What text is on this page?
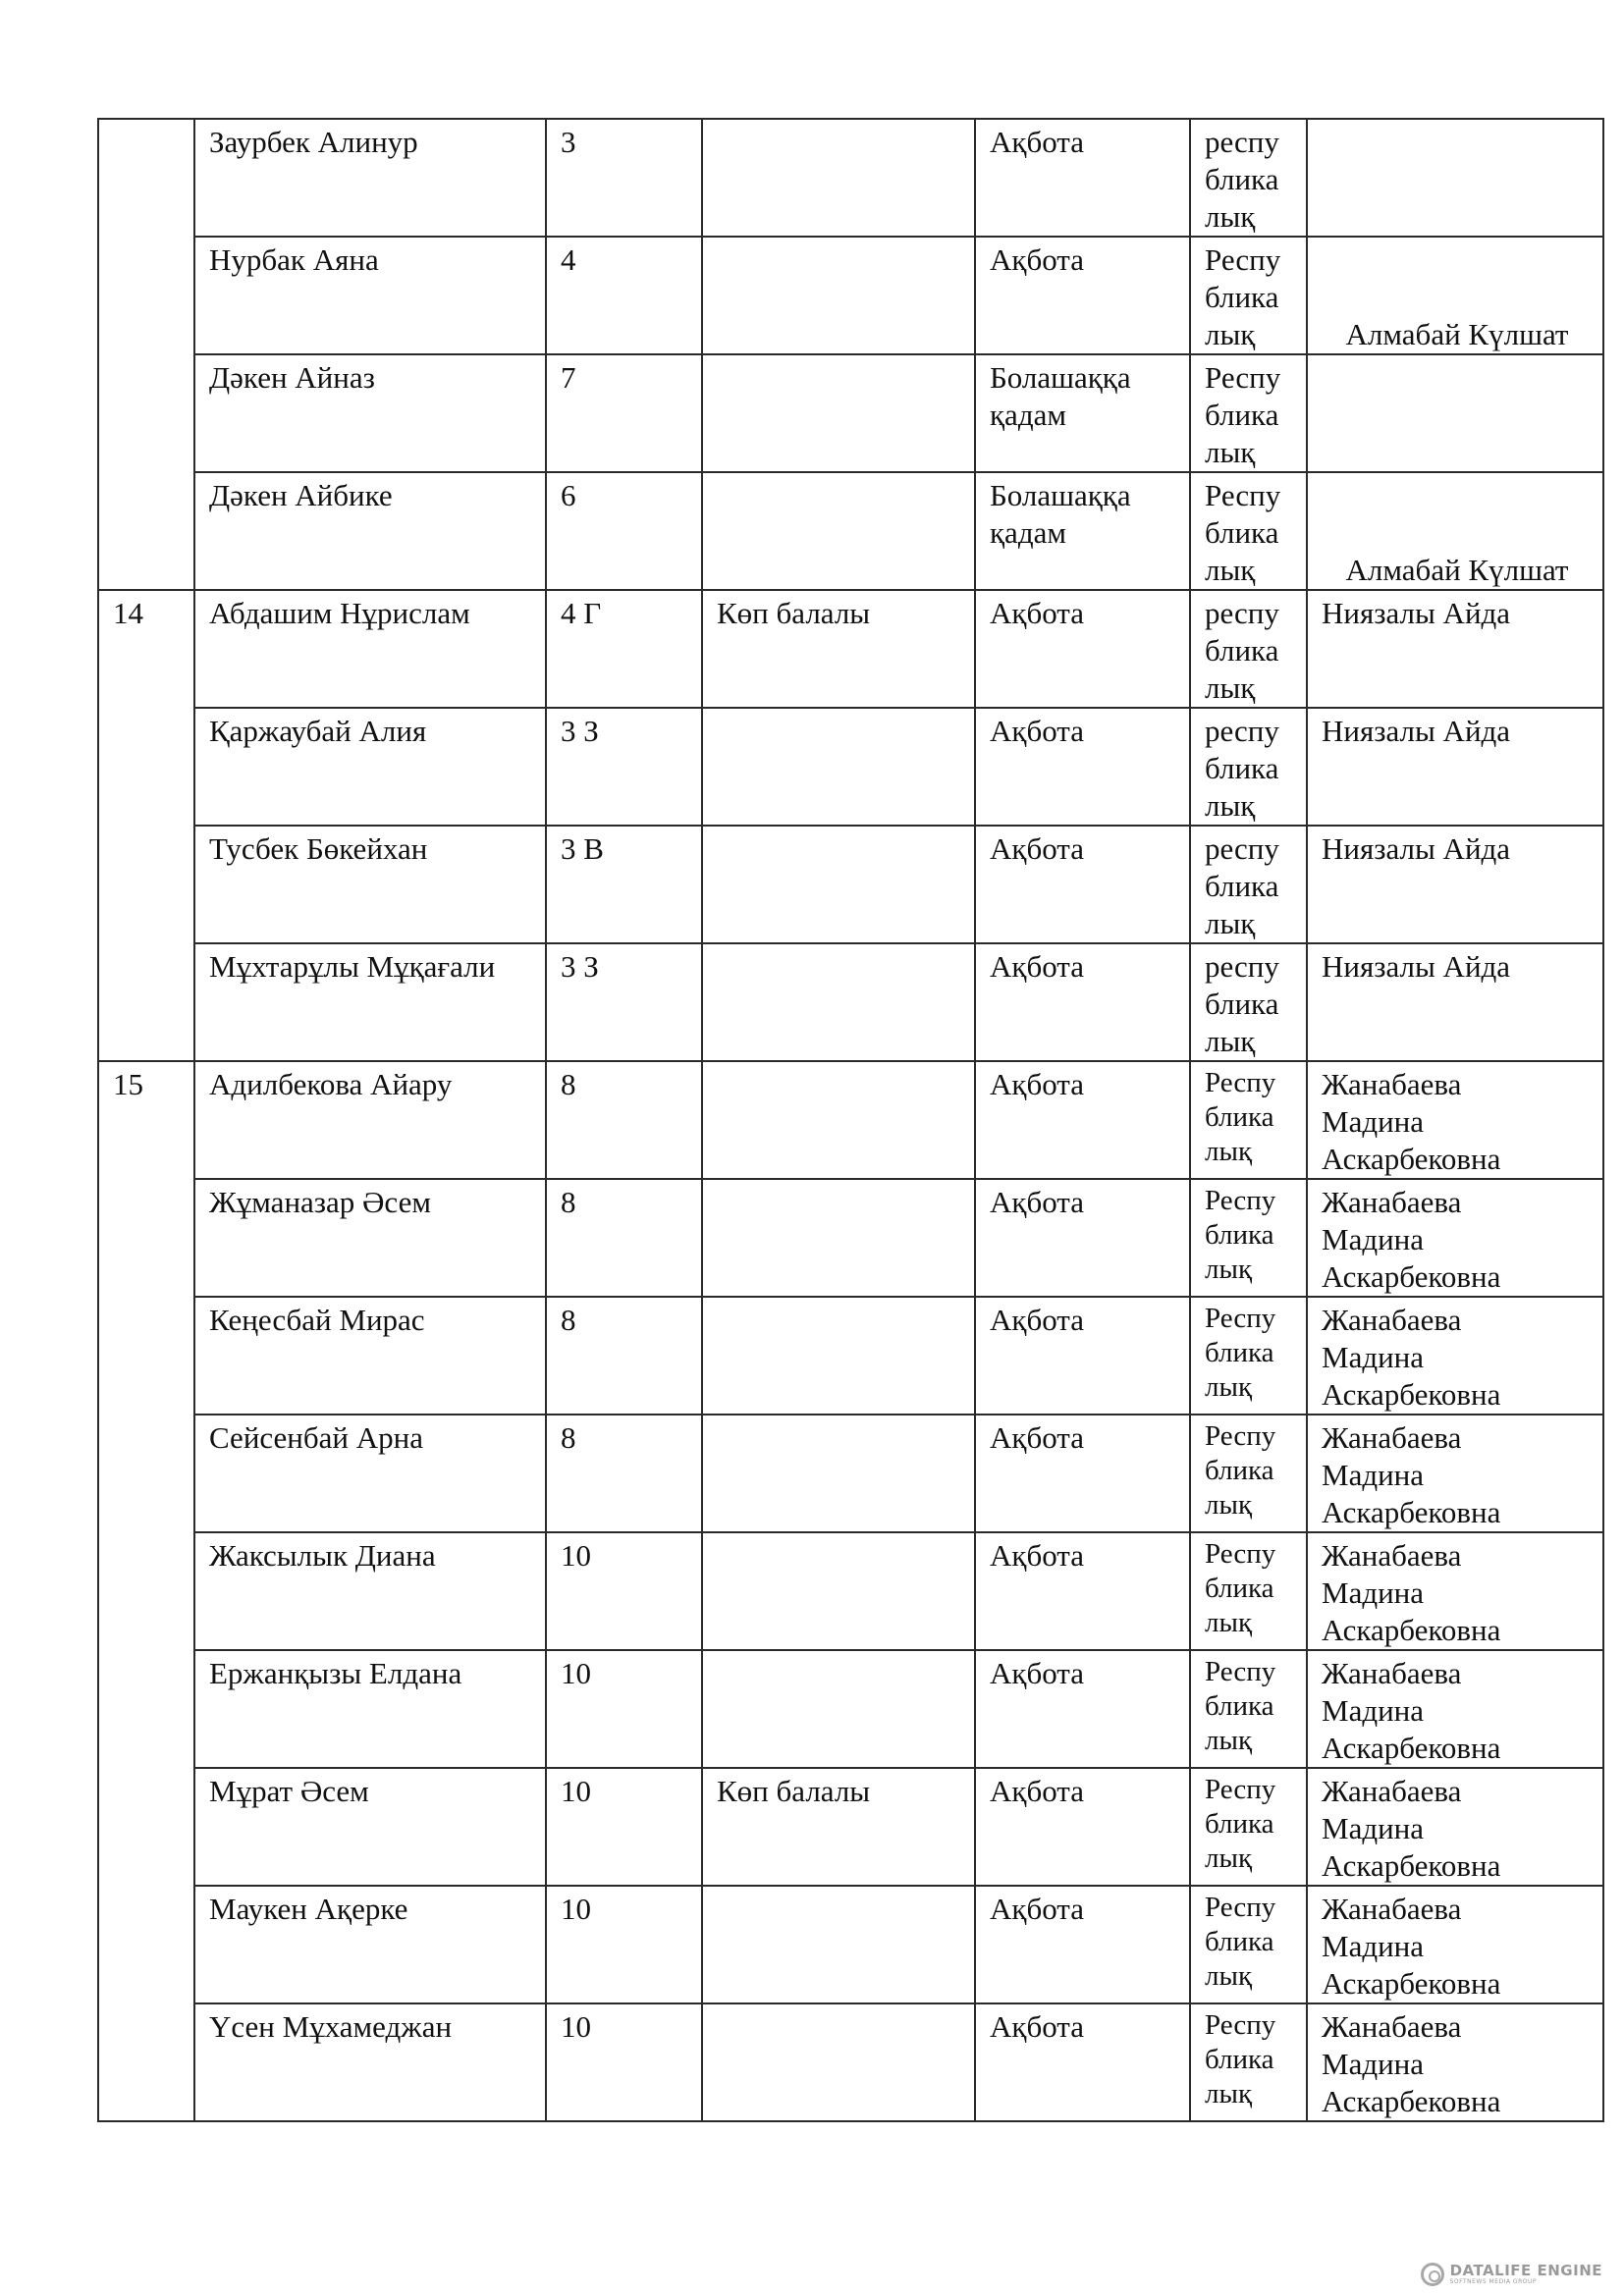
	Заурбек Алинур	3		Ақбота	респу
блика
лық	

	Нурбак Аяна	4		Ақбота	Респу
блика
лық	Алмабай Күлшат

	Дәкен Айназ	7		Болашаққа қадам	Респу
блика
лық	

	Дәкен Айбике	6		Болашаққа қадам	Респу
блика
лық	Алмабай Күлшат

14	Абдашим Нұрислам	4 Г	Көп балалы	Ақбота	респу
блика
лық	Ниязалы Айда

	Қаржаубай Алия	3 З		Ақбота	респу
блика
лық	Ниязалы Айда

	Тусбек Бөкейхан	3 В		Ақбота	респу
блика
лық	Ниязалы Айда

	Мұхтарұлы Мұқағали	3 З		Ақбота	респу
блика
лық	Ниязалы Айда

15	Адилбекова Айару	8		Ақбота	Респу
блика
лық	Жанабаева
Мадина
Аскарбековна

	Жұманазар Әсем	8		Ақбота	Респу
блика
лық	Жанабаева
Мадина
Аскарбековна

	Кеңесбай Мирас	8		Ақбота	Респу
блика
лық	Жанабаева
Мадина
Аскарбековна

	Сейсенбай Арна	8		Ақбота	Респу
блика
лық	Жанабаева
Мадина
Аскарбековна

	Жаксылык Диана	10		Ақбота	Респу
блика
лық	Жанабаева
Мадина
Аскарбековна

	Ержанқызы Елдана	10		Ақбота	Респу
блика
лық	Жанабаева
Мадина
Аскарбековна

	Мұрат Әсем	10	Көп балалы	Ақбота	Респу
блика
лық	Жанабаева
Мадина
Аскарбековна

	Маукен Ақерке	10		Ақбота	Респу
блика
лық	Жанабаева
Мадина
Аскарбековна

	Үсен Мұхамеджан	10		Ақбота	Респу
блика
лық	Жанабаева
Мадина
Аскарбековна
DATALIFE ENGINE
SOFTNEWS MEDIA GROUP
